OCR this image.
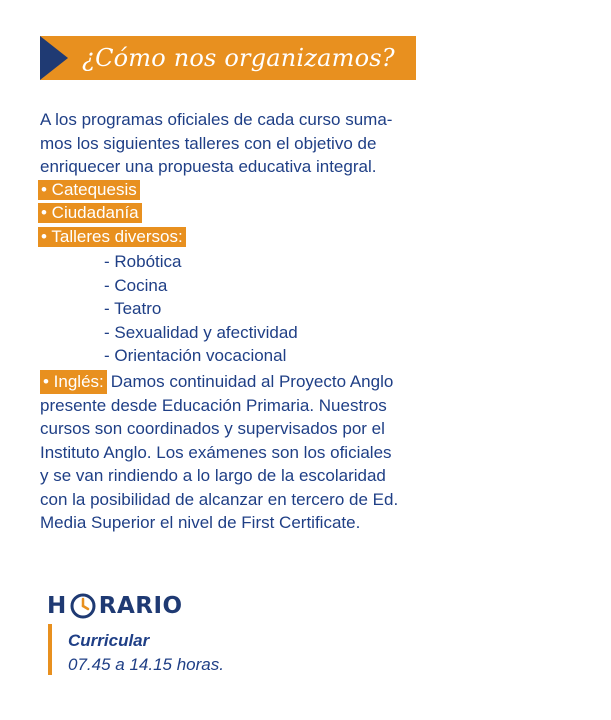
¿Cómo nos organizamos?
A los programas oficiales de cada curso suma-
mos los siguientes talleres con el objetivo de
enriquecer una propuesta educativa integral.
• Catequesis
• Ciudadanía
• Talleres diversos:
- Robótica
- Cocina
- Teatro
- Sexualidad y afectividad
- Orientación vocacional
• Inglés: Damos continuidad al Proyecto Anglo
presente desde Educación Primaria. Nuestros
cursos son coordinados y supervisados por el
Instituto Anglo. Los exámenes son los oficiales
y se van rindiendo a lo largo de la escolaridad
con la posibilidad de alcanzar en tercero de Ed.
Media Superior el nivel de First Certificate.
H RARIO
Curricular
07.45 a 14.15 horas.
